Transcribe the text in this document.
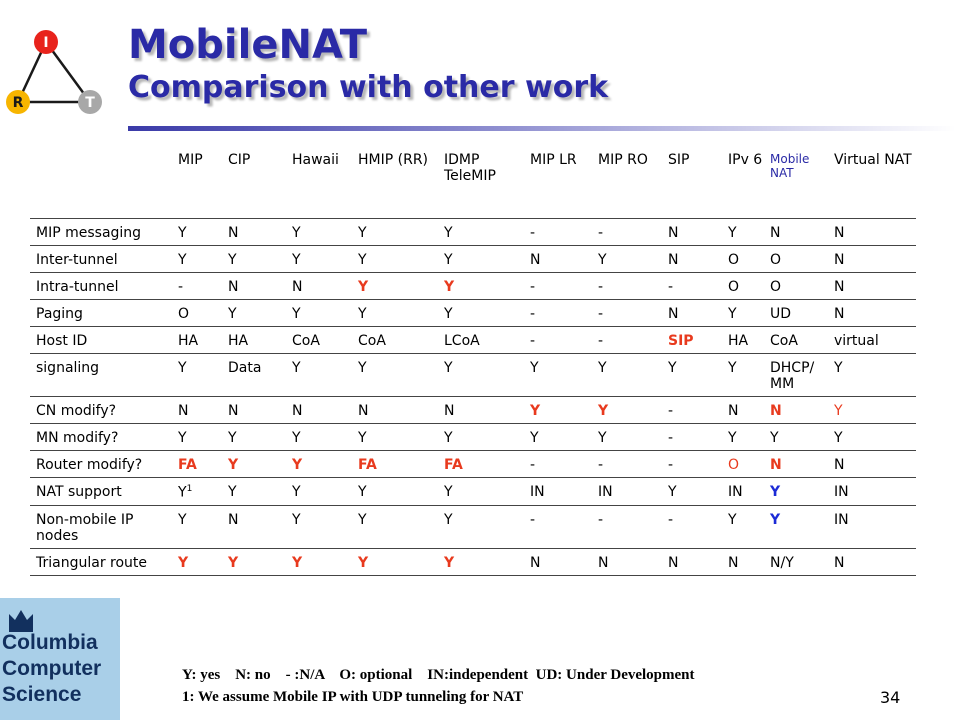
I
R	T
MobileNAT
Comparison with other work
Columbia
Computer
Science
	MIP	CIP	Hawaii	HMIP (RR)	IDMP TeleMIP	MIP LR	MIP RO	SIP	IPv 6	Mobile NAT	Virtual NAT
MIP messaging	Y	N	Y	Y	Y	-	-	N	Y	N	N
Inter-tunnel	Y	Y	Y	Y	Y	N	Y	N	O	O	N
Intra-tunnel	-	N	N	Y	Y	-	-	-	O	O	N
Paging	O	Y	Y	Y	Y	-	-	N	Y	UD	N
Host ID	HA	HA	CoA	CoA	LCoA	-	-	SIP	HA	CoA	virtual
signaling	Y	Data	Y	Y	Y	Y	Y	Y	Y	DHCP/ MM	Y
CN modify?	N	N	N	N	N	Y	Y	-	N	N	Y
MN modify?	Y	Y	Y	Y	Y	Y	Y	-	Y	Y	Y
Router modify?	FA	Y	Y	FA	FA	-	-	-	O	N	N
NAT support	$Y^1$	Y	Y	Y	Y	IN	IN	Y	IN	Y	IN
Non-mobile IP nodes	Y	N	Y	Y	Y	-	-	-	Y	Y	IN
Triangular route	Y	Y	Y	Y	Y	N	N	N	N	N/Y	N
Y: yes    N: no    - :N/A    O: optional    IN:independent  UD: Under Development
1: We assume Mobile IP with UDP tunneling for NAT	34
